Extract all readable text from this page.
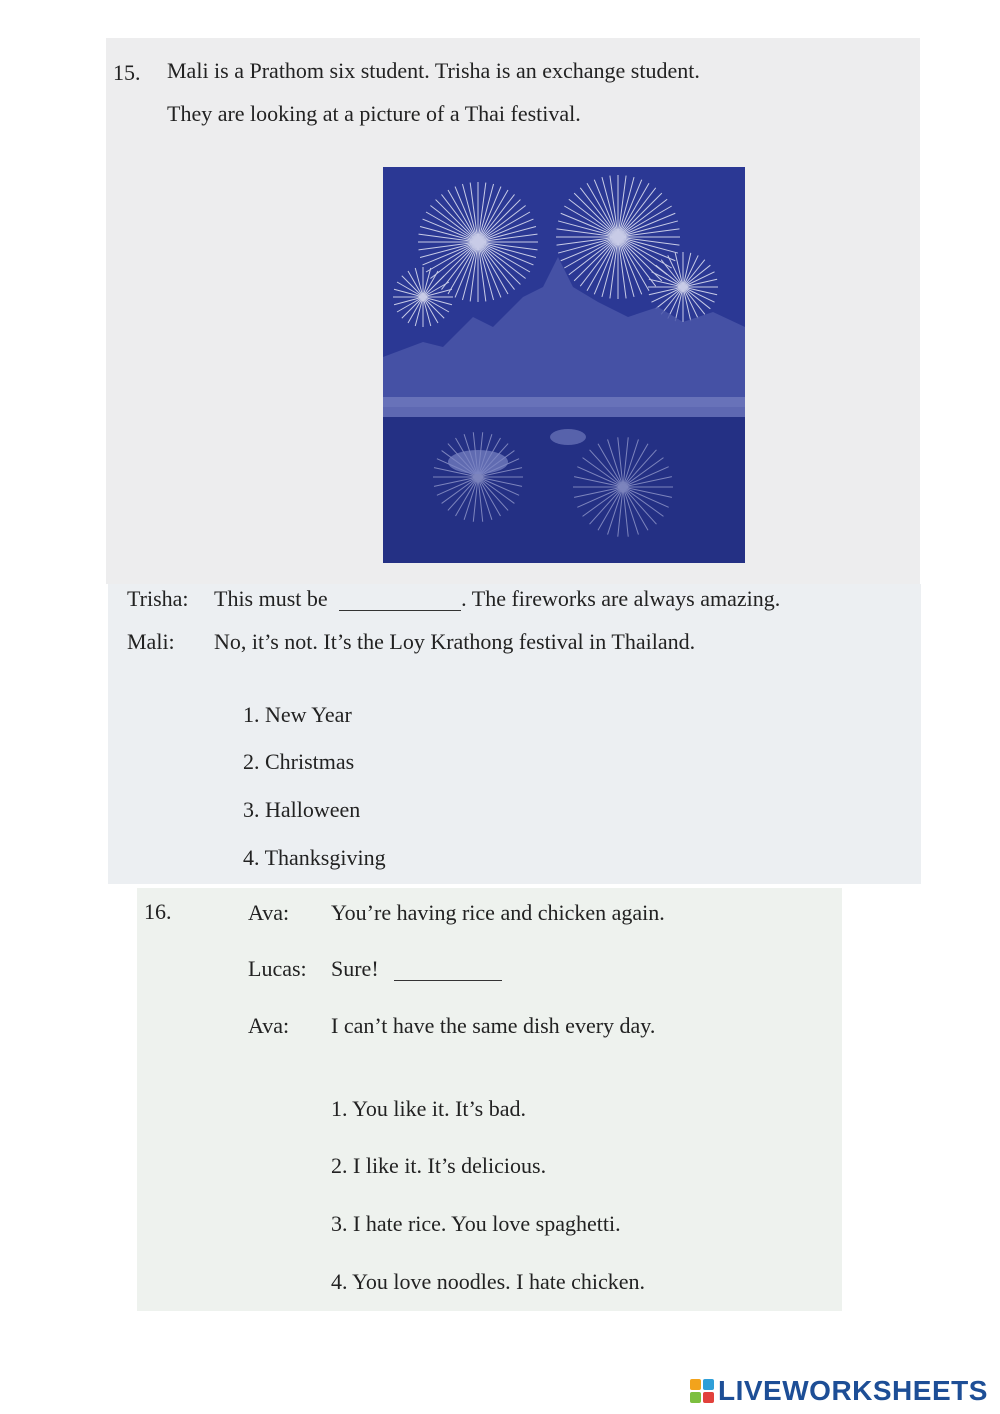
15. Mali is a Prathom six student. Trisha is an exchange student.
They are looking at a picture of a Thai festival.
Trisha: This must be	. The fireworks are always amazing.
Mali: No, it’s not. It’s the Loy Krathong festival in Thailand.
1. New Year
2. Christmas
3. Halloween
4. Thanksgiving
16.	Ava: You’re having rice and chicken again.
Lucas: Sure!
Ava: I can’t have the same dish every day.
1. You like it. It’s bad.
2. I like it. It’s delicious.
3. I hate rice. You love spaghetti.
4. You love noodles. I hate chicken.
LIVEWORKSHEETS
